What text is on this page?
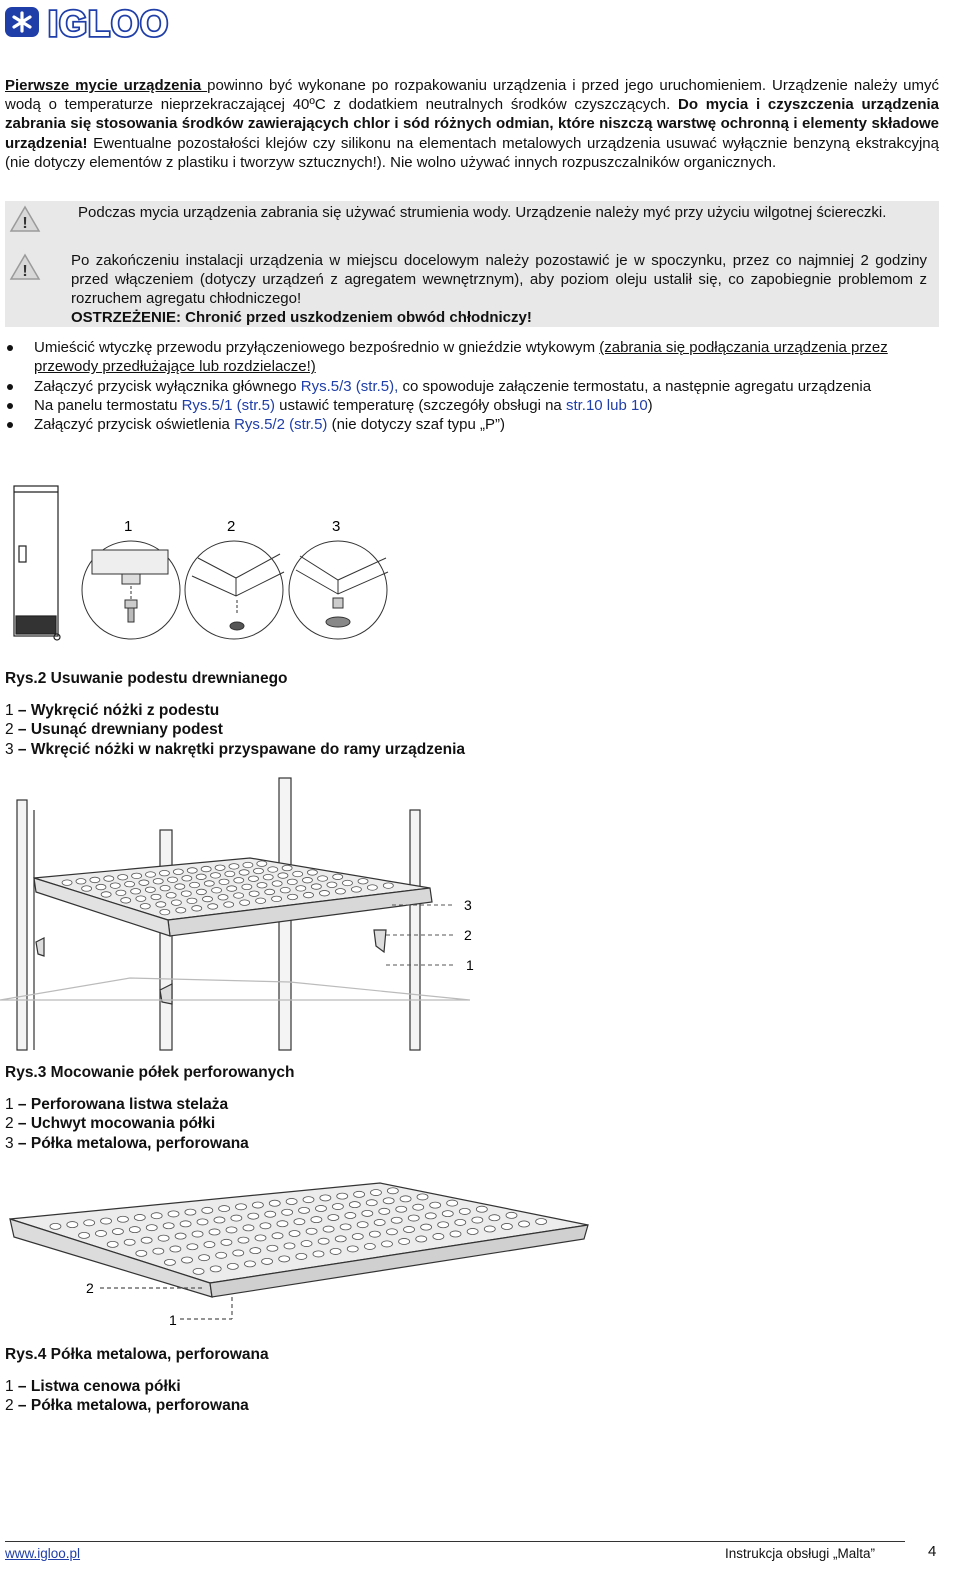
IGLOO
Pierwsze mycie urządzenia powinno być wykonane po rozpakowaniu urządzenia i przed jego uruchomieniem. Urządzenie należy umyć wodą o temperaturze nieprzekraczającej 40ºC z dodatkiem neutralnych środków czyszczących. Do mycia i czyszczenia urządzenia zabrania się stosowania środków zawierających chlor i sód różnych odmian, które niszczą warstwę ochronną i elementy składowe urządzenia! Ewentualne pozostałości klejów czy silikonu na elementach metalowych urządzenia usuwać wyłącznie benzyną ekstrakcyjną (nie dotyczy elementów z plastiku i tworzyw sztucznych!). Nie wolno używać innych rozpuszczalników organicznych.
!
Podczas mycia urządzenia zabrania się używać strumienia wody. Urządzenie należy myć przy użyciu wilgotnej ściereczki.
!
Po zakończeniu instalacji urządzenia w miejscu docelowym należy pozostawić je w spoczynku, przez co najmniej 2 godziny przed włączeniem (dotyczy urządzeń z agregatem wewnętrznym), aby poziom oleju ustalił się, co zapobiegnie problemom z rozruchem agregatu chłodniczego!
OSTRZEŻENIE: Chronić przed uszkodzeniem obwód chłodniczy!
Umieścić wtyczkę przewodu przyłączeniowego bezpośrednio w gnieździe wtykowym (zabrania się podłączania urządzenia przez przewody przedłużające lub rozdzielacze!)
Załączyć przycisk wyłącznika głównego Rys.5/3 (str.5), co spowoduje załączenie termostatu, a następnie agregatu urządzenia
Na panelu termostatu Rys.5/1 (str.5) ustawić temperaturę (szczegóły obsługi na str.10 lub 10)
Załączyć przycisk oświetlenia Rys.5/2 (str.5) (nie dotyczy szaf typu „P”)
1	2	3
Rys.2 Usuwanie podestu drewnianego
1 – Wykręcić nóżki z podestu
2 – Usunąć drewniany podest
3 – Wkręcić nóżki w nakrętki przyspawane do ramy urządzenia
3
2
1
Rys.3 Mocowanie półek perforowanych
1 – Perforowana listwa stelaża
2 – Uchwyt mocowania półki
3 – Półka metalowa, perforowana
2
1
Rys.4 Półka metalowa, perforowana
1 – Listwa cenowa półki
2 – Półka metalowa, perforowana
www.igloo.pl	Instrukcja obsługi „Malta”	4
